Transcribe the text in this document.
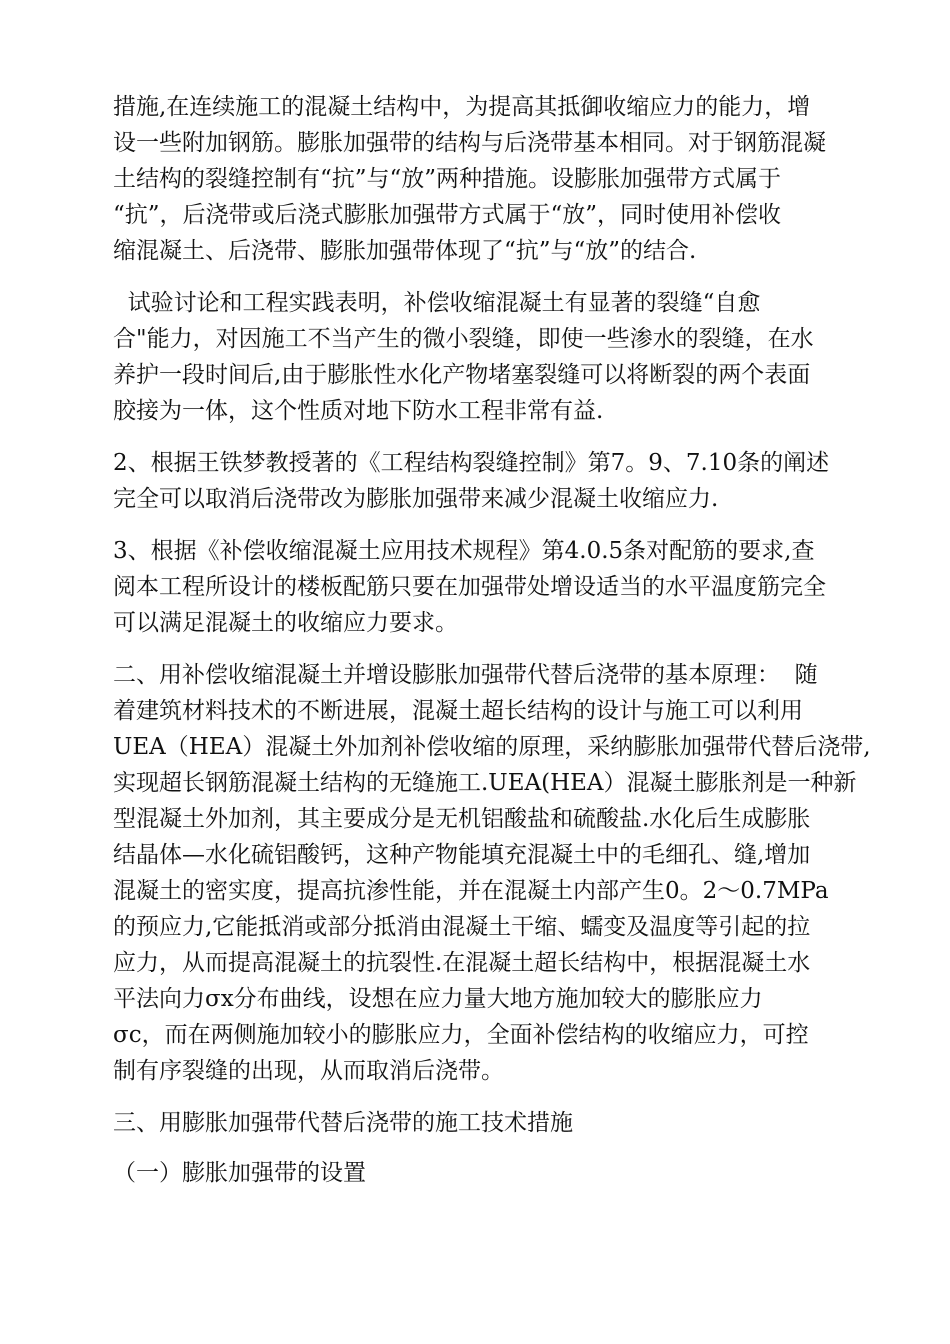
措施,在连续施工的混凝土结构中，为提高其抵御收缩应力的能力，增
设一些附加钢筋。膨胀加强带的结构与后浇带基本相同。对于钢筋混凝
土结构的裂缝控制有“抗”与“放”两种措施。设膨胀加强带方式属于
“抗”，后浇带或后浇式膨胀加强带方式属于“放”，同时使用补偿收
缩混凝土、后浇带、膨胀加强带体现了“抗”与“放”的结合.
试验讨论和工程实践表明，补偿收缩混凝土有显著的裂缝“自愈
合"能力，对因施工不当产生的微小裂缝，即使一些渗水的裂缝，在水
养护一段时间后,由于膨胀性水化产物堵塞裂缝可以将断裂的两个表面
胶接为一体，这个性质对地下防水工程非常有益.
2、根据王铁梦教授著的《工程结构裂缝控制》第7。9、7.10条的阐述
完全可以取消后浇带改为膨胀加强带来减少混凝土收缩应力.
3、根据《补偿收缩混凝土应用技术规程》第4.0.5条对配筋的要求,查
阅本工程所设计的楼板配筋只要在加强带处增设适当的水平温度筋完全
可以满足混凝土的收缩应力要求。
二、用补偿收缩混凝土并增设膨胀加强带代替后浇带的基本原理：  随
着建筑材料技术的不断进展，混凝土超长结构的设计与施工可以利用
UEA（HEA）混凝土外加剂补偿收缩的原理，采纳膨胀加强带代替后浇带,
实现超长钢筋混凝土结构的无缝施工.UEA(HEA）混凝土膨胀剂是一种新
型混凝土外加剂，其主要成分是无机铝酸盐和硫酸盐.水化后生成膨胀
结晶体—水化硫铝酸钙，这种产物能填充混凝土中的毛细孔、缝,增加
混凝土的密实度，提高抗渗性能，并在混凝土内部产生0。2～0.7MPa
的预应力,它能抵消或部分抵消由混凝土干缩、蠕变及温度等引起的拉
应力，从而提高混凝土的抗裂性.在混凝土超长结构中，根据混凝土水
平法向力σx分布曲线，设想在应力量大地方施加较大的膨胀应力
σc，而在两侧施加较小的膨胀应力，全面补偿结构的收缩应力，可控
制有序裂缝的出现，从而取消后浇带。
三、用膨胀加强带代替后浇带的施工技术措施
（一）膨胀加强带的设置
